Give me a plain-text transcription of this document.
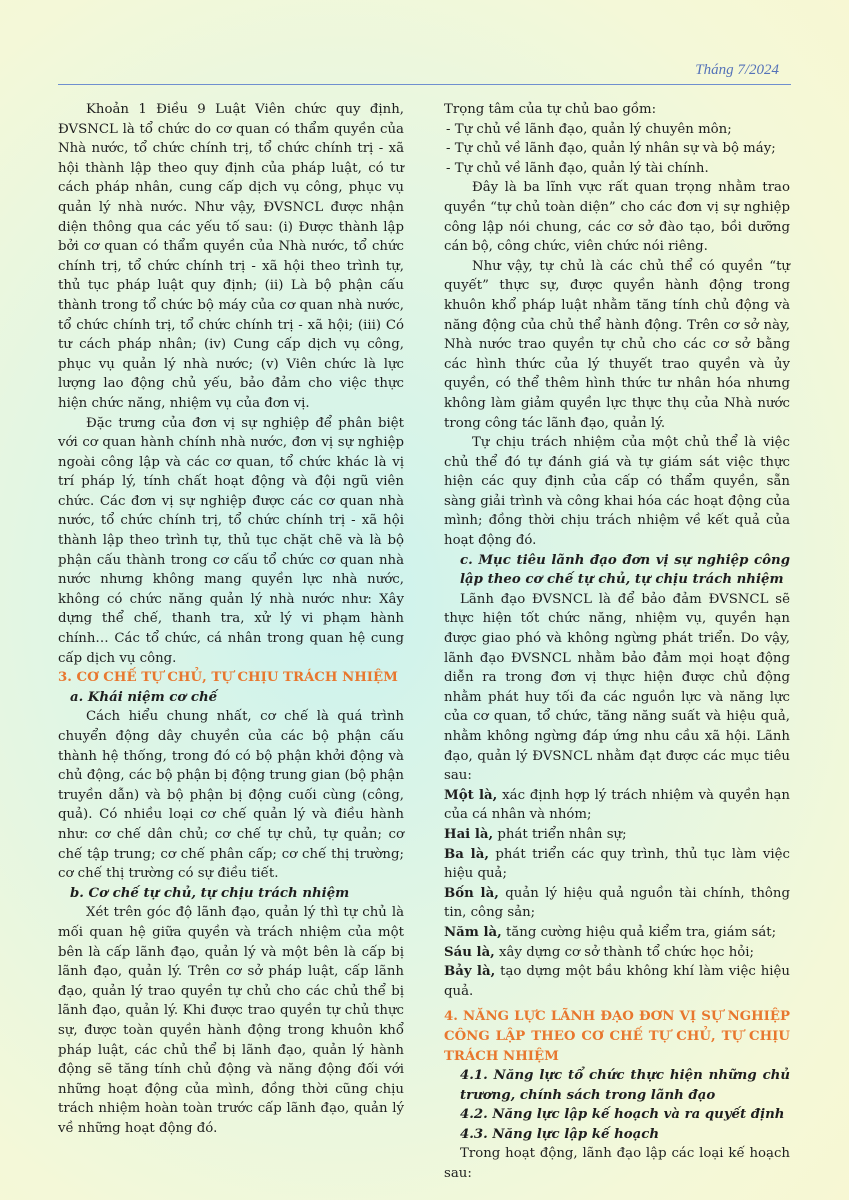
Tháng 7/2024

Khoản 1 Điều 9 Luật Viên chức quy định, ĐVSNCL là tổ chức do cơ quan có thẩm quyền của Nhà nước, tổ chức chính trị, tổ chức chính trị - xã hội thành lập theo quy định của pháp luật, có tư cách pháp nhân, cung cấp dịch vụ công, phục vụ quản lý nhà nước. Như vậy, ĐVSNCL được nhận diện thông qua các yếu tố sau: (i) Được thành lập bởi cơ quan có thẩm quyền của Nhà nước, tổ chức chính trị, tổ chức chính trị - xã hội theo trình tự, thủ tục pháp luật quy định; (ii) Là bộ phận cấu thành trong tổ chức bộ máy của cơ quan nhà nước, tổ chức chính trị, tổ chức chính trị - xã hội; (iii) Có tư cách pháp nhân; (iv) Cung cấp dịch vụ công, phục vụ quản lý nhà nước; (v) Viên chức là lực lượng lao động chủ yếu, bảo đảm cho việc thực hiện chức năng, nhiệm vụ của đơn vị.

Đặc trưng của đơn vị sự nghiệp để phân biệt với cơ quan hành chính nhà nước, đơn vị sự nghiệp ngoài công lập và các cơ quan, tổ chức khác là vị trí pháp lý, tính chất hoạt động và đội ngũ viên chức. Các đơn vị sự nghiệp được các cơ quan nhà nước, tổ chức chính trị, tổ chức chính trị - xã hội thành lập theo trình tự, thủ tục chặt chẽ và là bộ phận cấu thành trong cơ cấu tổ chức cơ quan nhà nước nhưng không mang quyền lực nhà nước, không có chức năng quản lý nhà nước như: Xây dựng thể chế, thanh tra, xử lý vi phạm hành chính… Các tổ chức, cá nhân trong quan hệ cung cấp dịch vụ công.

3. CƠ CHẾ TỰ CHỦ, TỰ CHỊU TRÁCH NHIỆM

a. Khái niệm cơ chế

Cách hiểu chung nhất, cơ chế là quá trình chuyển động dây chuyền của các bộ phận cấu thành hệ thống, trong đó có bộ phận khởi động và chủ động, các bộ phận bị động trung gian (bộ phận truyền dẫn) và bộ phận bị động cuối cùng (công, quả). Có nhiều loại cơ chế quản lý và điều hành như: cơ chế dân chủ; cơ chế tự chủ, tự quản; cơ chế tập trung; cơ chế phân cấp; cơ chế thị trường; cơ chế thị trường có sự điều tiết.

b. Cơ chế tự chủ, tự chịu trách nhiệm

Xét trên góc độ lãnh đạo, quản lý thì tự chủ là mối quan hệ giữa quyền và trách nhiệm của một bên là cấp lãnh đạo, quản lý và một bên là cấp bị lãnh đạo, quản lý. Trên cơ sở pháp luật, cấp lãnh đạo, quản lý trao quyền tự chủ cho các chủ thể bị lãnh đạo, quản lý. Khi được trao quyền tự chủ thực sự, được toàn quyền hành động trong khuôn khổ pháp luật, các chủ thể bị lãnh đạo, quản lý hành động sẽ tăng tính chủ động và năng động đối với những hoạt động của mình, đồng thời cũng chịu trách nhiệm hoàn toàn trước cấp lãnh đạo, quản lý về những hoạt động đó.

Trọng tâm của tự chủ bao gồm:

- Tự chủ về lãnh đạo, quản lý chuyên môn;

- Tự chủ về lãnh đạo, quản lý nhân sự và bộ máy;

- Tự chủ về lãnh đạo, quản lý tài chính.

Đây là ba lĩnh vực rất quan trọng nhằm trao quyền “tự chủ toàn diện” cho các đơn vị sự nghiệp công lập nói chung, các cơ sở đào tạo, bồi dưỡng cán bộ, công chức, viên chức nói riêng.

Như vậy, tự chủ là các chủ thể có quyền “tự quyết” thực sự, được quyền hành động trong khuôn khổ pháp luật nhằm tăng tính chủ động và năng động của chủ thể hành động. Trên cơ sở này, Nhà nước trao quyền tự chủ cho các cơ sở bằng các hình thức của lý thuyết trao quyền và ủy quyền, có thể thêm hình thức tư nhân hóa nhưng không làm giảm quyền lực thực thụ của Nhà nước trong công tác lãnh đạo, quản lý.

Tự chịu trách nhiệm của một chủ thể là việc chủ thể đó tự đánh giá và tự giám sát việc thực hiện các quy định của cấp có thẩm quyền, sẵn sàng giải trình và công khai hóa các hoạt động của mình; đồng thời chịu trách nhiệm về kết quả của hoạt động đó.

c. Mục tiêu lãnh đạo đơn vị sự nghiệp công lập theo cơ chế tự chủ, tự chịu trách nhiệm

Lãnh đạo ĐVSNCL là để bảo đảm ĐVSNCL sẽ thực hiện tốt chức năng, nhiệm vụ, quyền hạn được giao phó và không ngừng phát triển. Do vậy, lãnh đạo ĐVSNCL nhằm bảo đảm mọi hoạt động diễn ra trong đơn vị thực hiện được chủ động nhằm phát huy tối đa các nguồn lực và năng lực của cơ quan, tổ chức, tăng năng suất và hiệu quả, nhằm không ngừng đáp ứng nhu cầu xã hội. Lãnh đạo, quản lý ĐVSNCL nhằm đạt được các mục tiêu sau:

Một là, xác định hợp lý trách nhiệm và quyền hạn của cá nhân và nhóm;

Hai là, phát triển nhân sự;

Ba là, phát triển các quy trình, thủ tục làm việc hiệu quả;

Bốn là, quản lý hiệu quả nguồn tài chính, thông tin, công sản;

Năm là, tăng cường hiệu quả kiểm tra, giám sát;

Sáu là, xây dựng cơ sở thành tổ chức học hỏi;

Bảy là, tạo dựng một bầu không khí làm việc hiệu quả.

4. NĂNG LỰC LÃNH ĐẠO ĐƠN VỊ SỰ NGHIỆP CÔNG LẬP THEO CƠ CHẾ TỰ CHỦ, TỰ CHỊU TRÁCH NHIỆM

4.1. Năng lực tổ chức thực hiện những chủ trương, chính sách trong lãnh đạo

4.2. Năng lực lập kế hoạch và ra quyết định

4.3. Năng lực lập kế hoạch

Trong hoạt động, lãnh đạo lập các loại kế hoạch sau:
